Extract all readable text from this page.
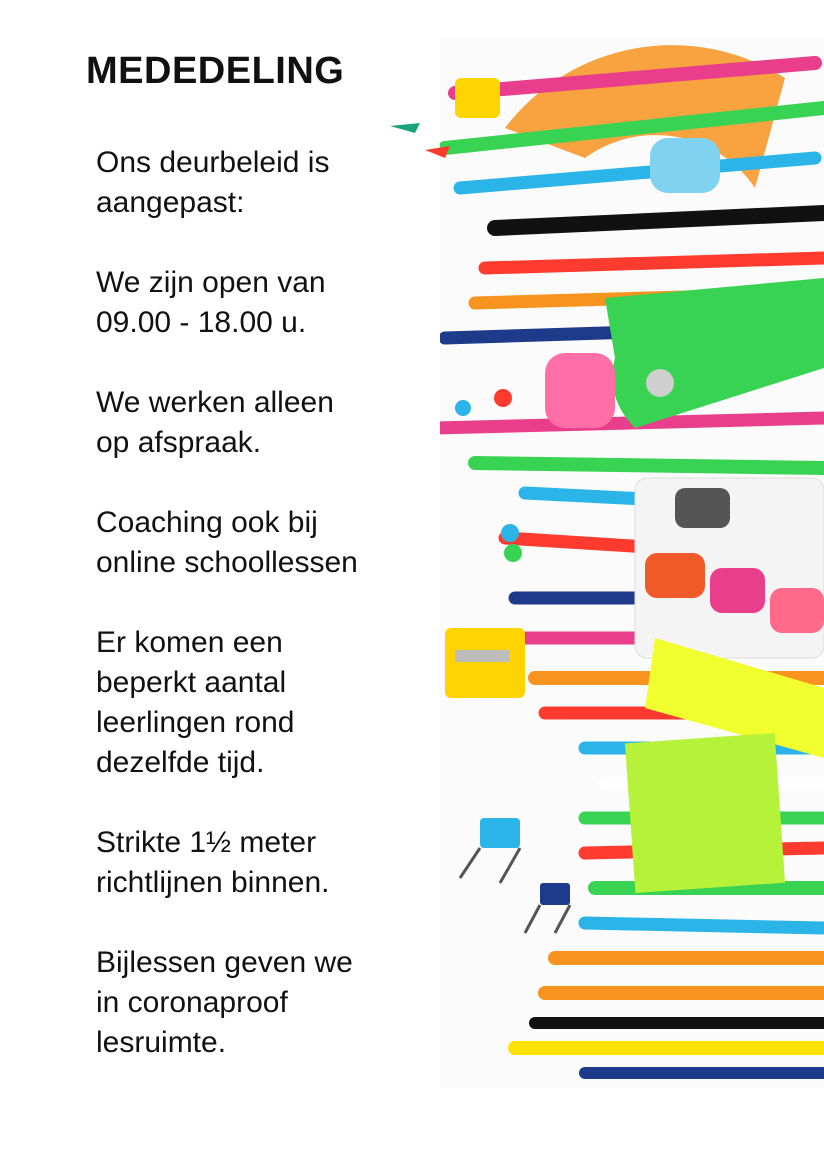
MEDEDELING

Ons deurbeleid is
aangepast:

We zijn open van
09.00 - 18.00 u.

We werken alleen
op afspraak.

Coaching ook bij
online schoollessen

Er komen een
beperkt aantal
leerlingen rond
dezelfde tijd.

Strikte 1½ meter
richtlijnen binnen.

Bijlessen geven we
in coronaproof
lesruimte.
